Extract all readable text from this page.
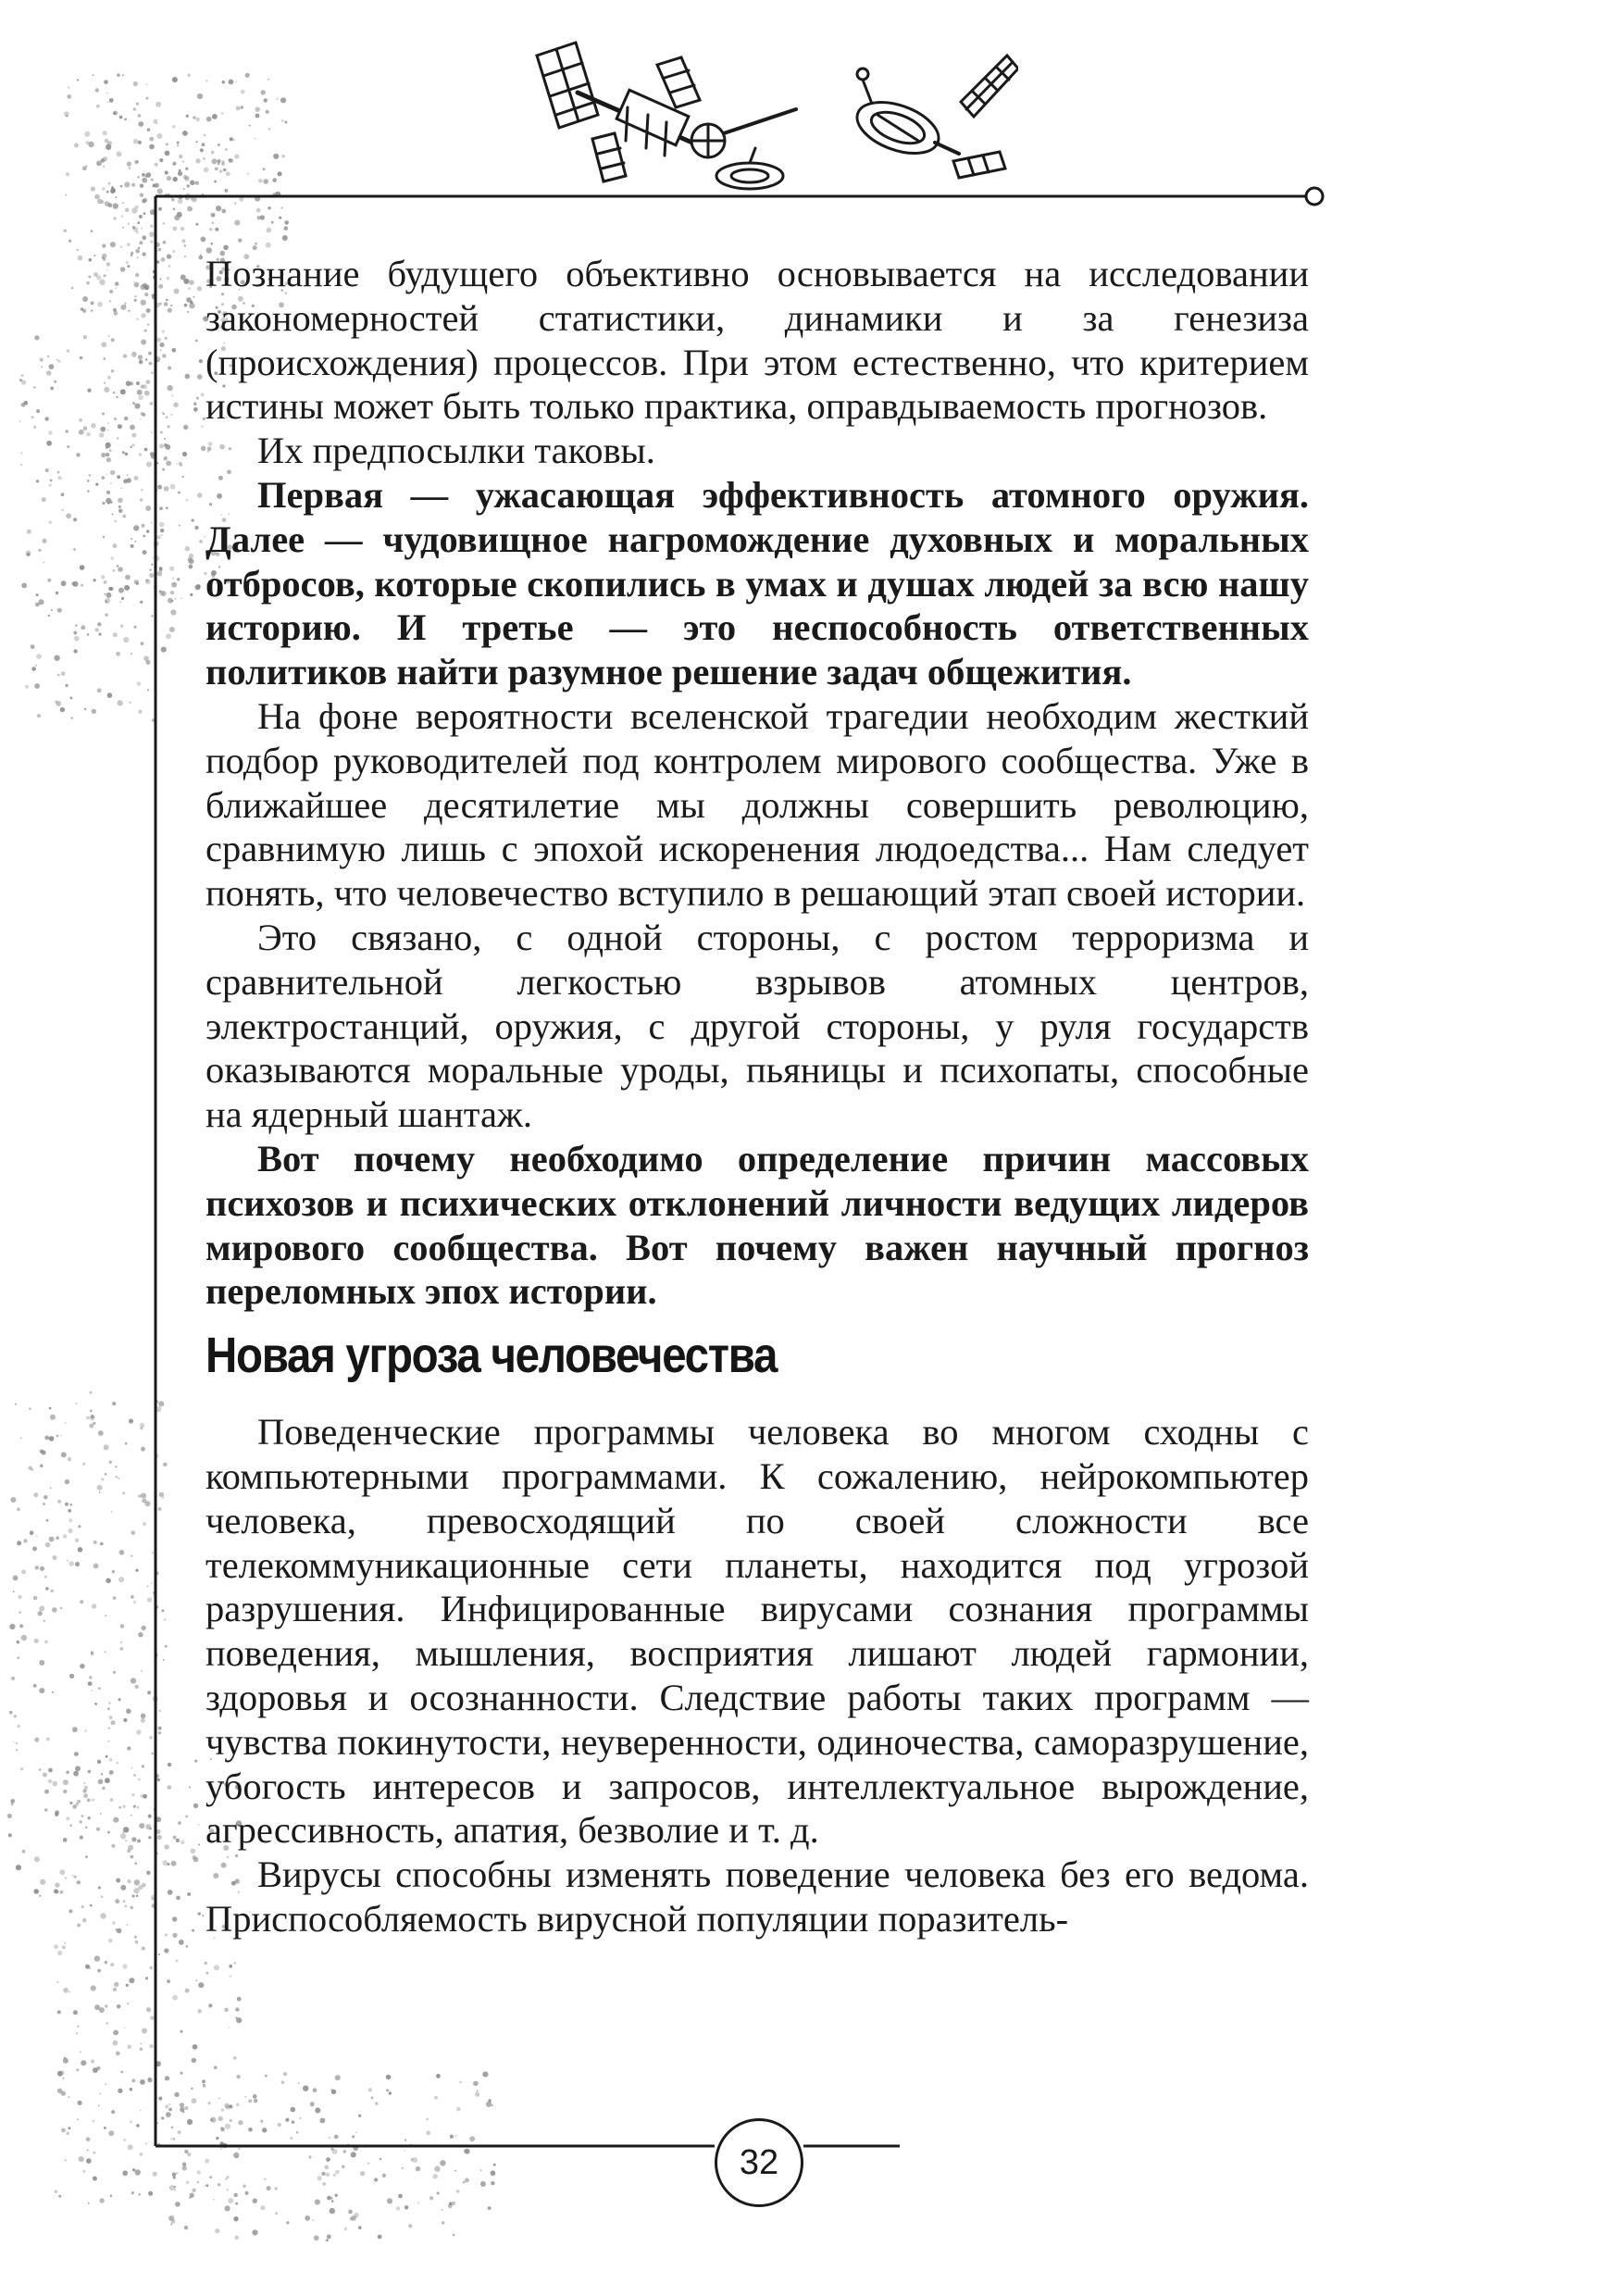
Познание будущего объективно основывается на исследовании закономерностей статистики, динамики и за генезиза (происхождения) процессов. При этом естественно, что критерием истины может быть только практика, оправдываемость прогнозов.

Их предпосылки таковы.

Первая — ужасающая эффективность атомного оружия. Далее — чудовищное нагромождение духовных и моральных отбросов, которые скопились в умах и душах людей за всю нашу историю. И третье — это неспособность ответственных политиков найти разумное решение задач общежития.

На фоне вероятности вселенской трагедии необходим жесткий подбор руководителей под контролем мирового сообщества. Уже в ближайшее десятилетие мы должны совершить революцию, сравнимую лишь с эпохой искоренения людоедства... Нам следует понять, что человечество вступило в решающий этап своей истории.

Это связано, с одной стороны, с ростом терроризма и сравнительной легкостью взрывов атомных центров, электростанций, оружия, с другой стороны, у руля государств оказываются моральные уроды, пьяницы и психопаты, способные на ядерный шантаж.

Вот почему необходимо определение причин массовых психозов и психических отклонений личности ведущих лидеров мирового сообщества. Вот почему важен научный прогноз переломных эпох истории.

Новая угроза человечества

Поведенческие программы человека во многом сходны с компьютерными программами. К сожалению, нейрокомпьютер человека, превосходящий по своей сложности все телекоммуникационные сети планеты, находится под угрозой разрушения. Инфицированные вирусами сознания программы поведения, мышления, восприятия лишают людей гармонии, здоровья и осознанности. Следствие работы таких программ — чувства покинутости, неуверенности, одиночества, саморазрушение, убогость интересов и запросов, интеллектуальное вырождение, агрессивность, апатия, безволие и т. д.

Вирусы способны изменять поведение человека без его ведома. Приспособляемость вирусной популяции поразитель-

32
